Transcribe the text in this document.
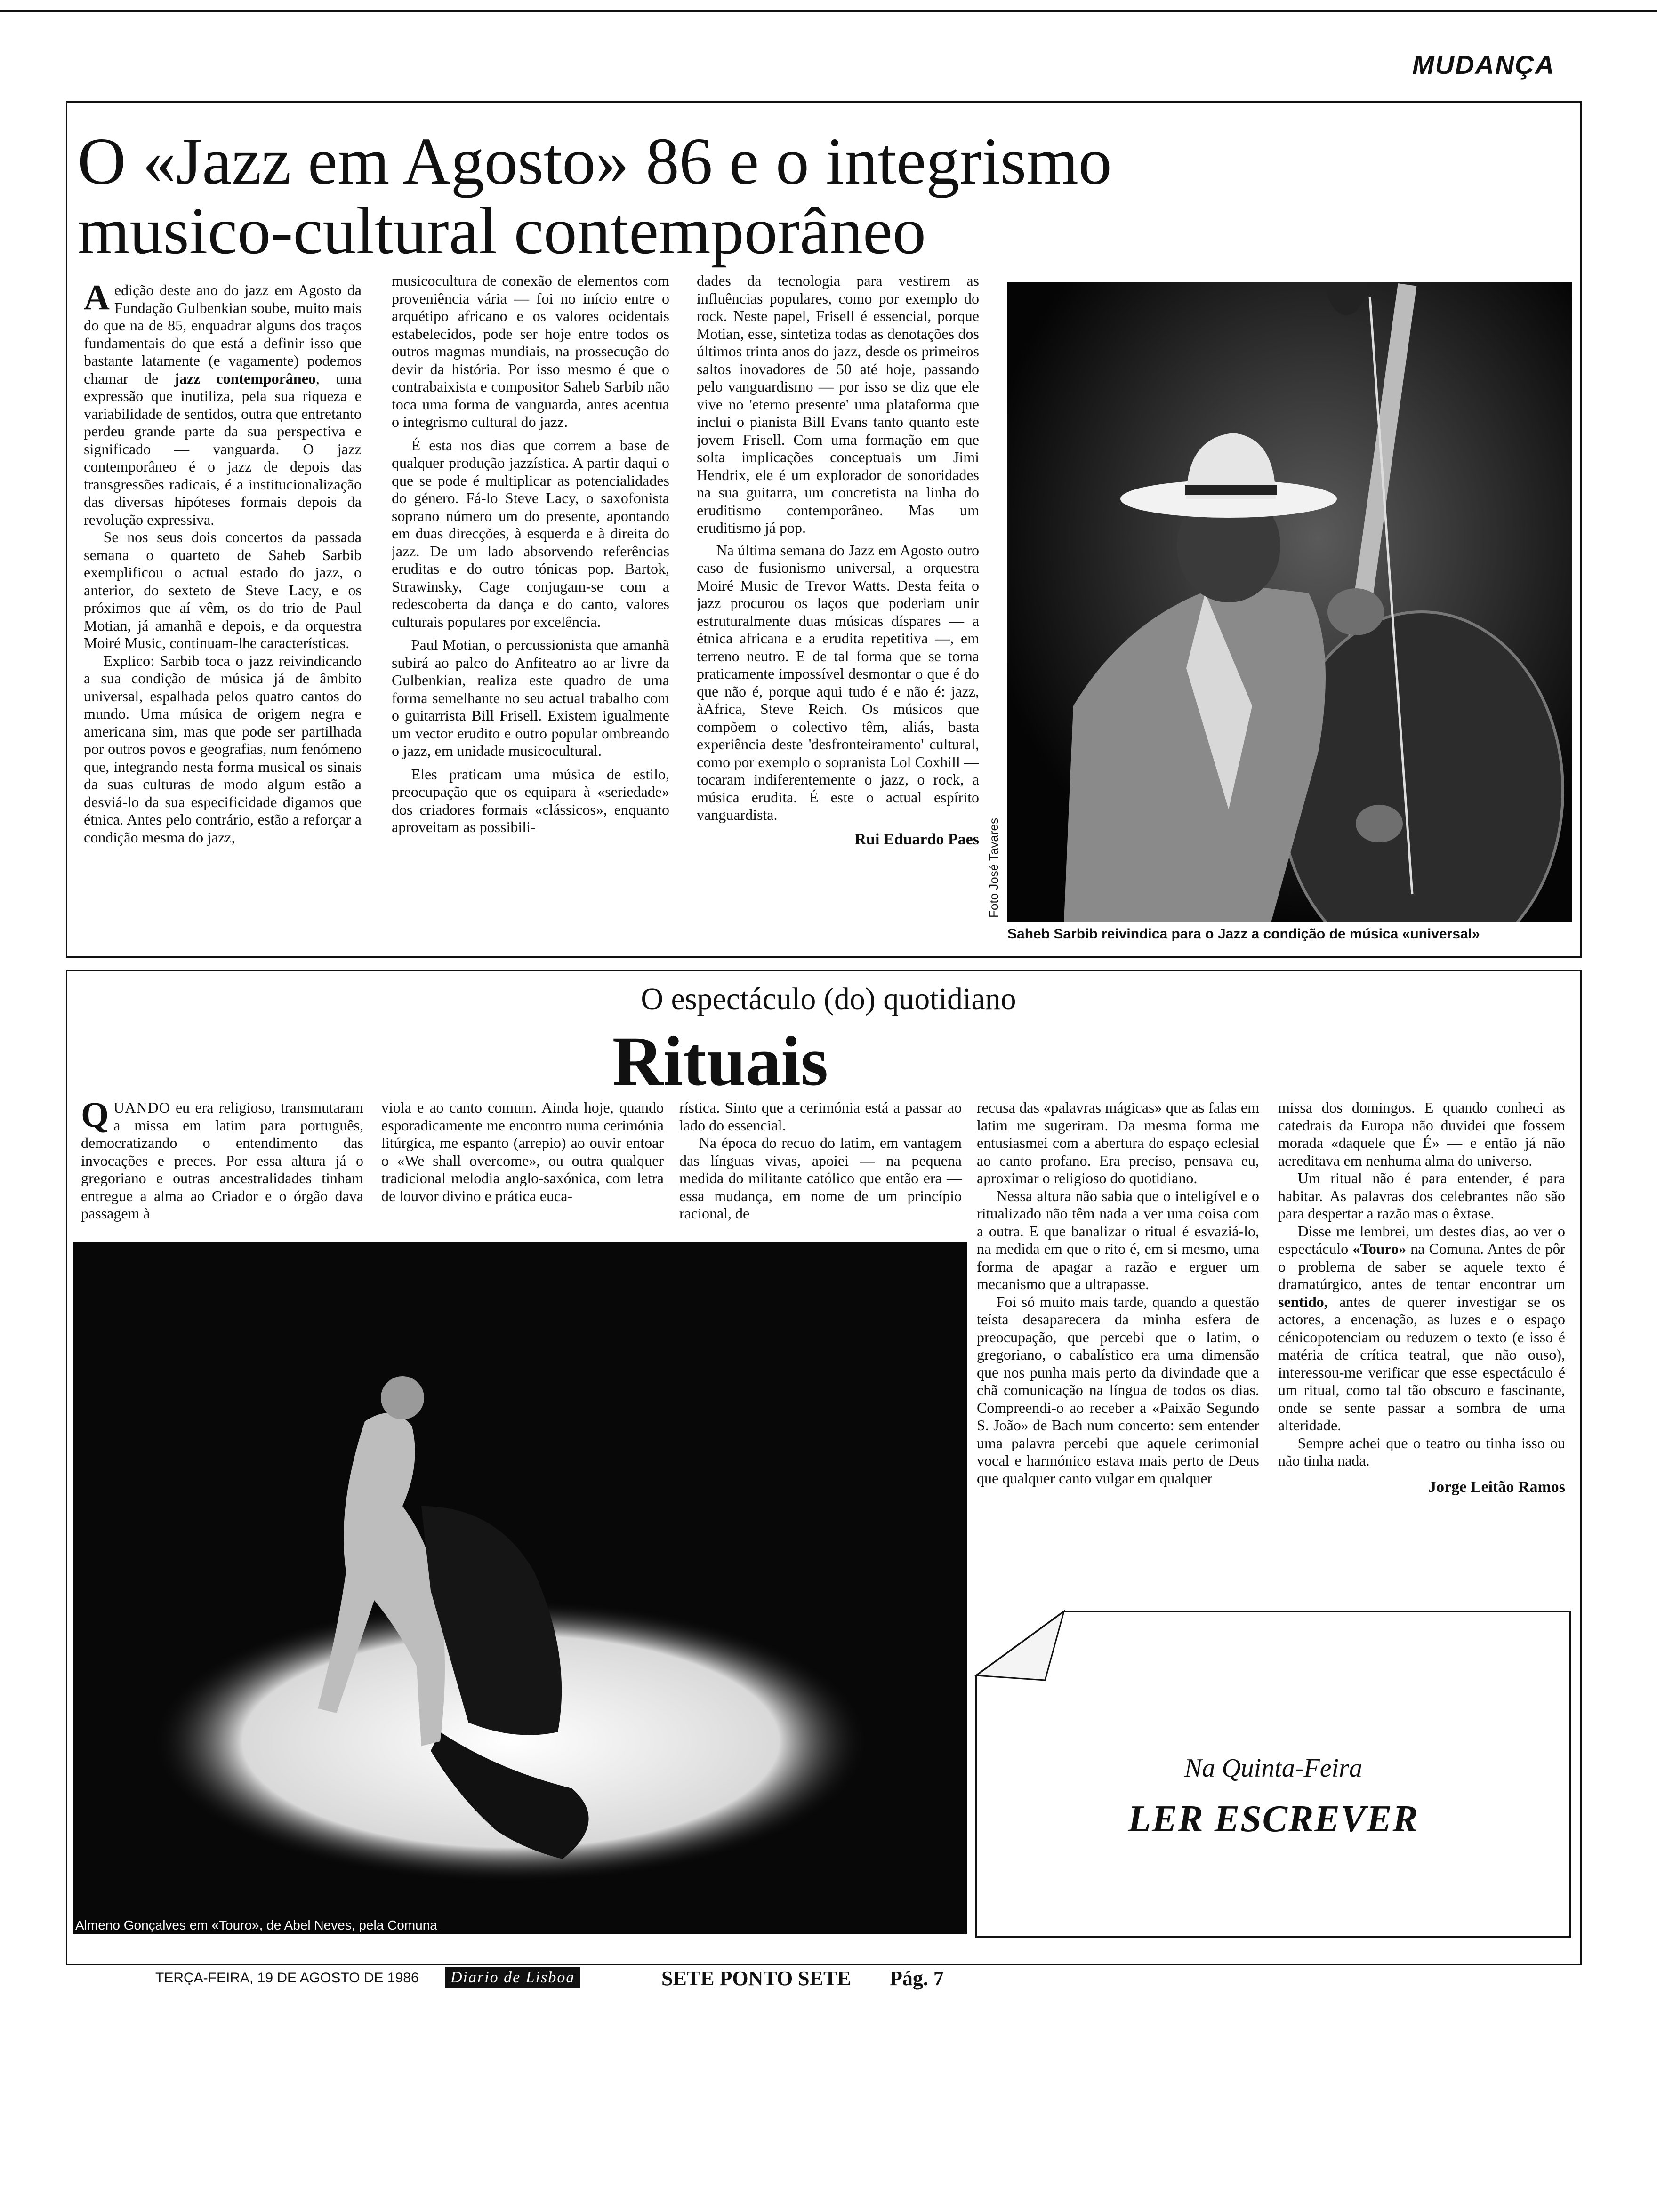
MUDANÇA
O «Jazz em Agosto» 86 e o integrismo
musico-cultural contemporâneo

Aedição deste ano do jazz em Agosto da Fundação Gulbenkian soube, muito mais do que na de 85, enquadrar alguns dos traços fundamentais do que está a definir isso que bastante latamente (e vagamente) podemos chamar de jazz contemporâneo, uma expressão que inutiliza, pela sua riqueza e variabilidade de sentidos, outra que entretanto perdeu grande parte da sua perspectiva e significado — vanguarda. O jazz contemporâneo é o jazz de depois das transgressões radicais, é a institucionalização das diversas hipóteses formais depois da revolução expressiva.

Se nos seus dois concertos da passada semana o quarteto de Saheb Sarbib exemplificou o actual estado do jazz, o anterior, do sexteto de Steve Lacy, e os próximos que aí vêm, os do trio de Paul Motian, já amanhã e depois, e da orquestra Moiré Music, continuam-lhe características.

Explico: Sarbib toca o jazz reivindicando a sua condição de música já de âmbito universal, espalhada pelos quatro cantos do mundo. Uma música de origem negra e americana sim, mas que pode ser partilhada por outros povos e geografias, num fenómeno que, integrando nesta forma musical os sinais da suas culturas de modo algum estão a desviá-lo da sua especificidade digamos que étnica. Antes pelo contrário, estão a reforçar a condição mesma do jazz,

musicocultura de conexão de elementos com proveniência vária — foi no início entre o arquétipo africano e os valores ocidentais estabelecidos, pode ser hoje entre todos os outros magmas mundiais, na prossecução do devir da história. Por isso mesmo é que o contrabaixista e compositor Saheb Sarbib não toca uma forma de vanguarda, antes acentua o integrismo cultural do jazz.

É esta nos dias que correm a base de qualquer produção jazzística. A partir daqui o que se pode é multiplicar as potencialidades do género. Fá-lo Steve Lacy, o saxofonista soprano número um do presente, apontando em duas direcções, à esquerda e à direita do jazz. De um lado absorvendo referências eruditas e do outro tónicas pop. Bartok, Strawinsky, Cage conjugam-se com a redescoberta da dança e do canto, valores culturais populares por excelência.

Paul Motian, o percussionista que amanhã subirá ao palco do Anfiteatro ao ar livre da Gulbenkian, realiza este quadro de uma forma semelhante no seu actual trabalho com o guitarrista Bill Frisell. Existem igualmente um vector erudito e outro popular ombreando o jazz, em unidade musicocultural.

Eles praticam uma música de estilo, preocupação que os equipara à «seriedade» dos criadores formais «clássicos», enquanto aproveitam as possibili-

dades da tecnologia para vestirem as influências populares, como por exemplo do rock. Neste papel, Frisell é essencial, porque Motian, esse, sintetiza todas as denotações dos últimos trinta anos do jazz, desde os primeiros saltos inovadores de 50 até hoje, passando pelo vanguardismo — por isso se diz que ele vive no 'eterno presente' uma plataforma que inclui o pianista Bill Evans tanto quanto este jovem Frisell. Com uma formação em que solta implicações conceptuais um Jimi Hendrix, ele é um explorador de sonoridades na sua guitarra, um concretista na linha do eruditismo contemporâneo. Mas um eruditismo já pop.

Na última semana do Jazz em Agosto outro caso de fusionismo universal, a orquestra Moiré Music de Trevor Watts. Desta feita o jazz procurou os laços que poderiam unir estruturalmente duas músicas díspares — a étnica africana e a erudita repetitiva —, em terreno neutro. E de tal forma que se torna praticamente impossível desmontar o que é do que não é, porque aqui tudo é e não é: jazz, àAfrica, Steve Reich. Os músicos que compõem o colectivo têm, aliás, basta experiência deste 'desfronteiramento' cultural, como por exemplo o sopranista Lol Coxhill — tocaram indiferentemente o jazz, o rock, a música erudita. É este o actual espírito vanguardista.

Rui Eduardo Paes Foto José Tavares
Saheb Sarbib reivindica para o Jazz a condição de música «universal»
O espectáculo (do) quotidiano
Rituais

QUANDO eu era religioso, transmutaram a missa em latim para português, democratizando o entendimento das invocações e preces. Por essa altura já o gregoriano e outras ancestralidades tinham entregue a alma ao Criador e o órgão dava passagem à

viola e ao canto comum. Ainda hoje, quando esporadicamente me encontro numa cerimónia litúrgica, me espanto (arrepio) ao ouvir entoar o «We shall overcome», ou outra qualquer tradicional melodia anglo-saxónica, com letra de louvor divino e prática euca-

rística. Sinto que a cerimónia está a passar ao lado do essencial.

Na época do recuo do latim, em vantagem das línguas vivas, apoiei — na pequena medida do militante católico que então era — essa mudança, em nome de um princípio racional, de

Almeno Gonçalves em «Touro», de Abel Neves, pela Comuna

recusa das «palavras mágicas» que as falas em latim me sugeriram. Da mesma forma me entusiasmei com a abertura do espaço eclesial ao canto profano. Era preciso, pensava eu, aproximar o religioso do quotidiano.

Nessa altura não sabia que o inteligível e o ritualizado não têm nada a ver uma coisa com a outra. E que banalizar o ritual é esvaziá-lo, na medida em que o rito é, em si mesmo, uma forma de apagar a razão e erguer um mecanismo que a ultrapasse.

Foi só muito mais tarde, quando a questão teísta desaparecera da minha esfera de preocupação, que percebi que o latim, o gregoriano, o cabalístico era uma dimensão que nos punha mais perto da divindade que a chã comunicação na língua de todos os dias. Compreendi-o ao receber a «Paixão Segundo S. João» de Bach num concerto: sem entender uma palavra percebi que aquele cerimonial vocal e harmónico estava mais perto de Deus que qualquer canto vulgar em qualquer

missa dos domingos. E quando conheci as catedrais da Europa não duvidei que fossem morada «daquele que É» — e então já não acreditava em nenhuma alma do universo.

Um ritual não é para entender, é para habitar. As palavras dos celebrantes não são para despertar a razão mas o êxtase.

Disse me lembrei, um destes dias, ao ver o espectáculo «Touro» na Comuna. Antes de pôr o problema de saber se aquele texto é dramatúrgico, antes de tentar encontrar um sentido, antes de querer investigar se os actores, a encenação, as luzes e o espaço cénicopotenciam ou reduzem o texto (e isso é matéria de crítica teatral, que não ouso), interessou-me verificar que esse espectáculo é um ritual, como tal tão obscuro e fascinante, onde se sente passar a sombra de uma alteridade.

Sempre achei que o teatro ou tinha isso ou não tinha nada.

Jorge Leitão Ramos
Na Quinta-Feira
LER ESCREVER
TERÇA-FEIRA, 19 DE AGOSTO DE 1986	Diario de Lisboa	SETE PONTO SETE Pág. 7
